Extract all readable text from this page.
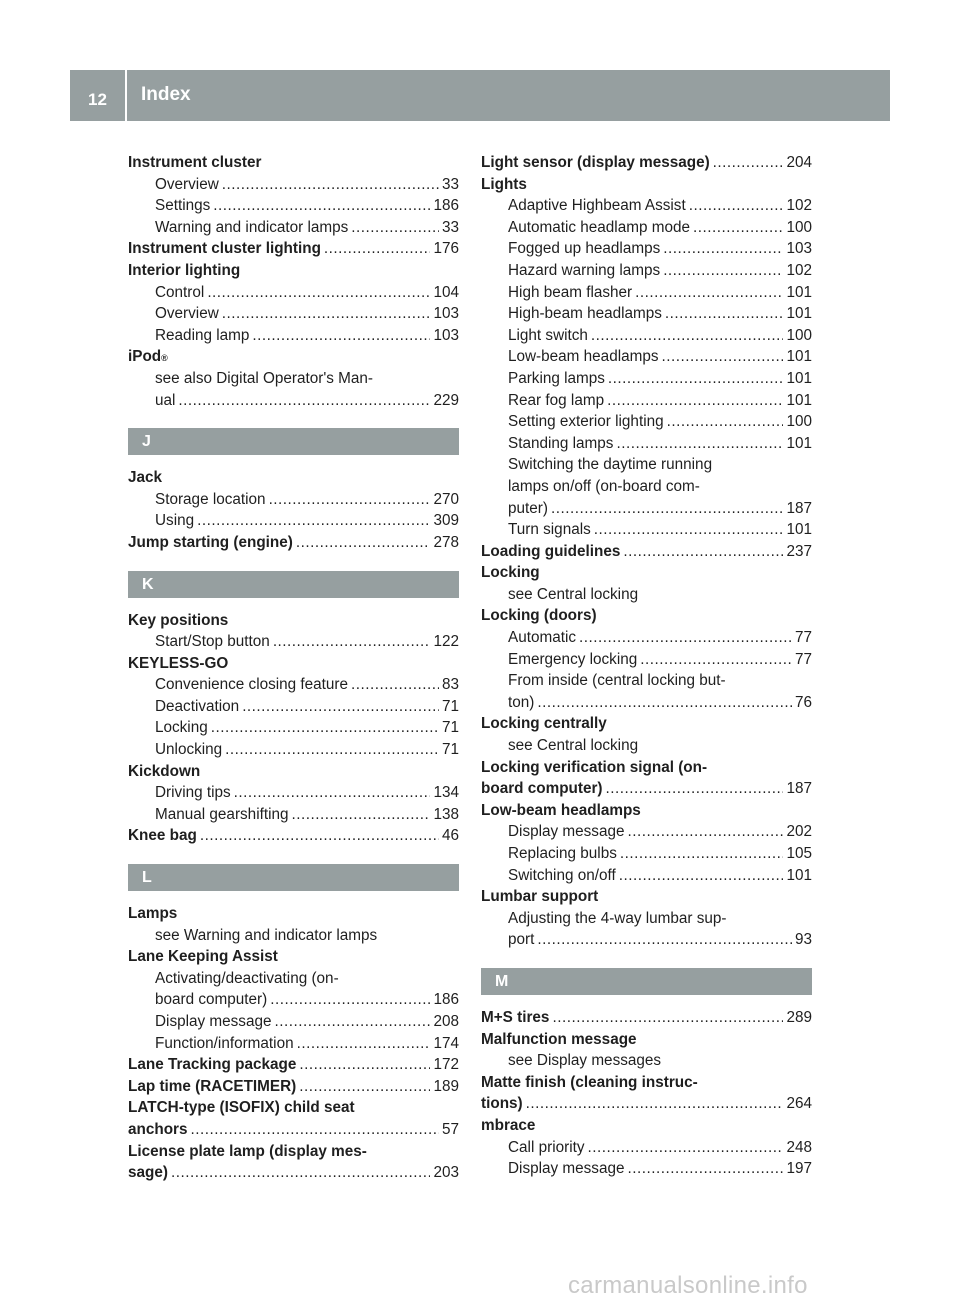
12	Index
Instrument cluster
Overview .....	33
Settings .....	186
Warning and indicator lamps .....	33
Instrument cluster lighting .....	176
Interior lighting
Control .....	104
Overview .....	103
Reading lamp .....	103
iPod ®
see also Digital Operator's Man-
ual .....	229
J
Jack
Storage location .....	270
Using .....	309
Jump starting (engine) .....	278
K
Key positions
Start/Stop button .....	122
KEYLESS-GO
Convenience closing feature .....	83
Deactivation .....	71
Locking .....	71
Unlocking .....	71
Kickdown
Driving tips .....	134
Manual gearshifting .....	138
Knee bag .....	46
L
Lamps
see Warning and indicator lamps
Lane Keeping Assist
Activating/deactivating (on-
board computer) .....	186
Display message .....	208
Function/information .....	174
Lane Tracking package .....	172
Lap time (RACETIMER) .....	189
LATCH-type (ISOFIX) child seat
anchors .....	57
License plate lamp (display mes-
sage) .....	203
Light sensor (display message) .....	204
Lights
Adaptive Highbeam Assist .....	102
Automatic headlamp mode .....	100
Fogged up headlamps .....	103
Hazard warning lamps .....	102
High beam flasher .....	101
High-beam headlamps .....	101
Light switch .....	100
Low-beam headlamps .....	101
Parking lamps .....	101
Rear fog lamp .....	101
Setting exterior lighting .....	100
Standing lamps .....	101
Switching the daytime running
lamps on/off (on-board com-
puter) .....	187
Turn signals .....	101
Loading guidelines .....	237
Locking
see Central locking
Locking (doors)
Automatic .....	77
Emergency locking .....	77
From inside (central locking but-
ton) .....	76
Locking centrally
see Central locking
Locking verification signal (on-
board computer) .....	187
Low-beam headlamps
Display message .....	202
Replacing bulbs .....	105
Switching on/off .....	101
Lumbar support
Adjusting the 4-way lumbar sup-
port .....	93
M
M+S tires .....	289
Malfunction message
see Display messages
Matte finish (cleaning instruc-
tions) .....	264
mbrace
Call priority .....	248
Display message .....	197
carmanualsonline.info
